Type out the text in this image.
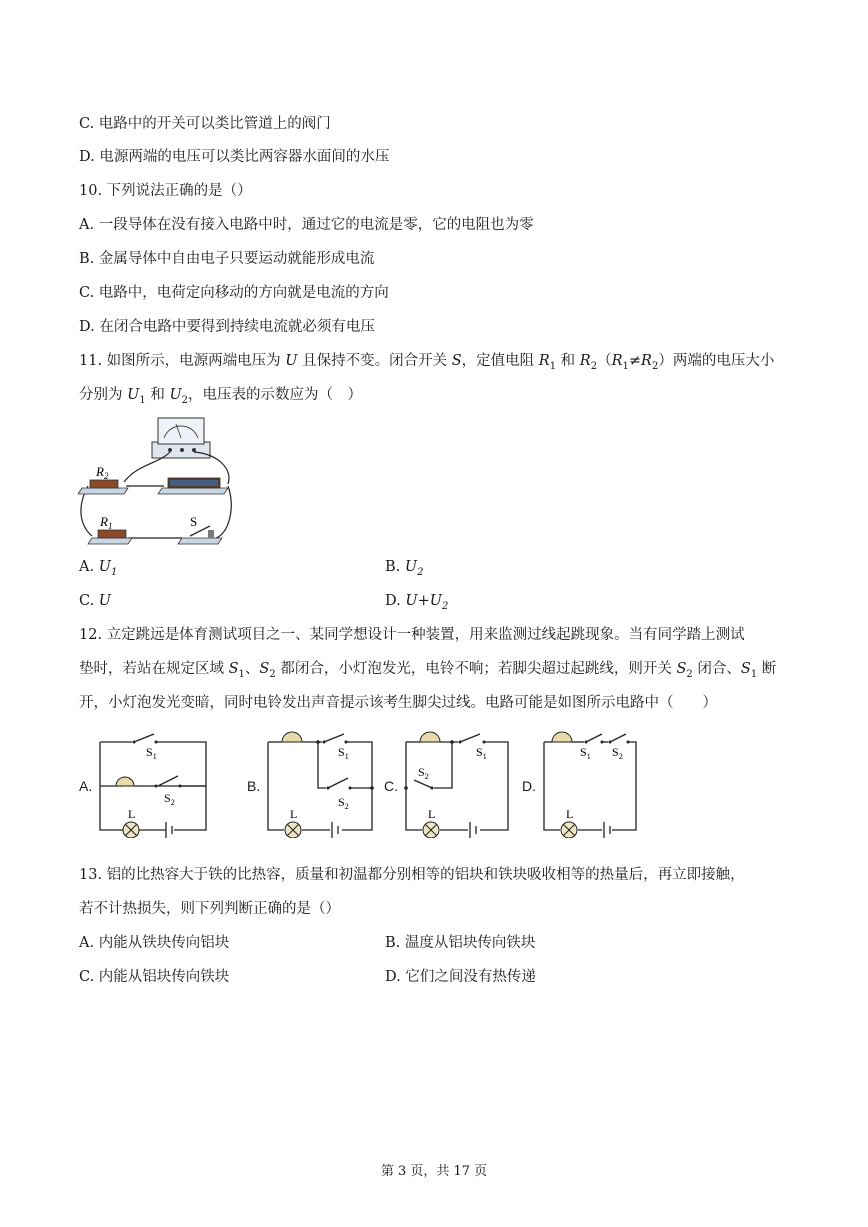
C. 电路中的开关可以类比管道上的阀门
D. 电源两端的电压可以类比两容器水面间的水压
10. 下列说法正确的是（）
A. 一段导体在没有接入电路中时，通过它的电流是零，它的电阻也为零
B. 金属导体中自由电子只要运动就能形成电流
C. 电路中，电荷定向移动的方向就是电流的方向
D. 在闭合电路中要得到持续电流就必须有电压
11. 如图所示，电源两端电压为 U 且保持不变。闭合开关 S，定值电阻 $R_1$ 和 $R_2(R_1\ne R_2)$两端的电压大小
分别为 $U_1$ 和 $U_2$，电压表的示数应为（　）
$R_2$
$R_1$	S
A. $U_1$	B. $U_2$
C. U	D. $U+U_2$
12. 立定跳远是体育测试项目之一、某同学想设计一种装置，用来监测过线起跳现象。当有同学踏上测试
垫时，若站在规定区域 $S_1$、$S_2$ 都闭合，小灯泡发光，电铃不响；若脚尖超过起跳线，则开关 $S_2$ 闭合、$S_1$ 断
开，小灯泡发光变暗，同时电铃发出声音提示该考生脚尖过线。电路可能是如图所示电路中（　　）
A.
$S_1$
$S_2$
L
B.
$S_1$
$S_2$
L
C.
$S_1$
$S_2$
L
D.
$S_1$ $S_2$
L
13. 铝的比热容大于铁的比热容，质量和初温都分别相等的铝块和铁块吸收相等的热量后，再立即接触，
若不计热损失，则下列判断正确的是（）
A. 内能从铁块传向铝块	B. 温度从铝块传向铁块
C. 内能从铝块传向铁块	D. 它们之间没有热传递
第 3 页，共 17 页
